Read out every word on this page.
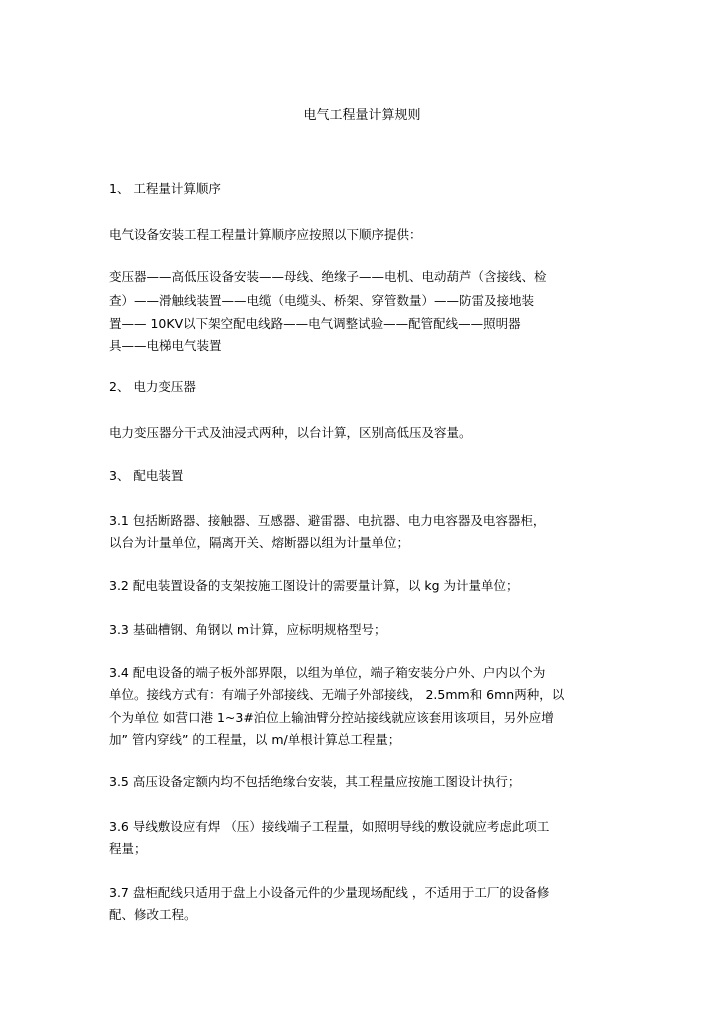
电气工程量计算规则
1、 工程量计算顺序
电气设备安装工程工程量计算顺序应按照以下顺序提供：
变压器——高低压设备安装——母线、绝缘子——电机、电动葫芦（含接线、检
查）——滑触线装置——电缆（电缆头、桥架、穿管数量）——防雷及接地装
置—— 10KV以下架空配电线路——电气调整试验——配管配线——照明器
具——电梯电气装置
2、 电力变压器
电力变压器分干式及油浸式两种，以台计算，区别高低压及容量。
3、 配电装置
3.1 包括断路器、接触器、互感器、避雷器、电抗器、电力电容器及电容器柜，
以台为计量单位，隔离开关、熔断器以组为计量单位；
3.2 配电装置设备的支架按施工图设计的需要量计算，以 kg 为计量单位；
3.3 基础槽钢、角钢以 m计算，应标明规格型号；
3.4 配电设备的端子板外部界限，以组为单位，端子箱安装分户外、户内以个为
单位。接线方式有：有端子外部接线、无端子外部接线， 2.5mm和 6mn两种，以
个为单位 如营口港 1~3#泊位上输油臂分控站接线就应该套用该项目，另外应增
加” 管内穿线” 的工程量，以 m/单根计算总工程量；
3.5 高压设备定额内均不包括绝缘台安装，其工程量应按施工图设计执行；
3.6 导线敷设应有焊 （压）接线端子工程量，如照明导线的敷设就应考虑此项工
程量；
3.7 盘柜配线只适用于盘上小设备元件的少量现场配线 ，不适用于工厂的设备修
配、修改工程。
